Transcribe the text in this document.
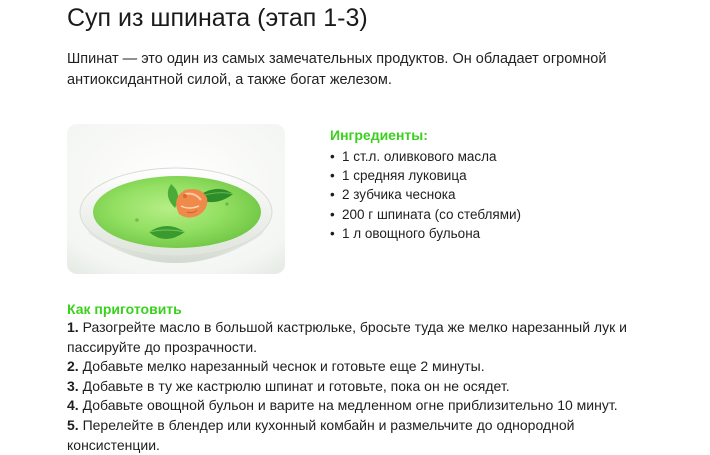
Суп из шпината (этап 1-3)

Шпинат — это один из самых замечательных продуктов. Он обладает огромной
антиоксидантной силой, а также богат железом.

Ингредиенты:
• 1 ст.л. оливкового масла
• 1 средняя луковица
• 2 зубчика чеснока
• 200 г шпината (со стеблями)
• 1 л овощного бульона
Как приготовить
1. Разогрейте масло в большой кастрюльке, бросьте туда же мелко нарезанный лук и
пассируйте до прозрачности.
2. Добавьте мелко нарезанный чеснок и готовьте еще 2 минуты.
3. Добавьте в ту же кастрюлю шпинат и готовьте, пока он не осядет.
4. Добавьте овощной бульон и варите на медленном огне приблизительно 10 минут.
5. Перелейте в блендер или кухонный комбайн и размельчите до однородной
консистенции.
